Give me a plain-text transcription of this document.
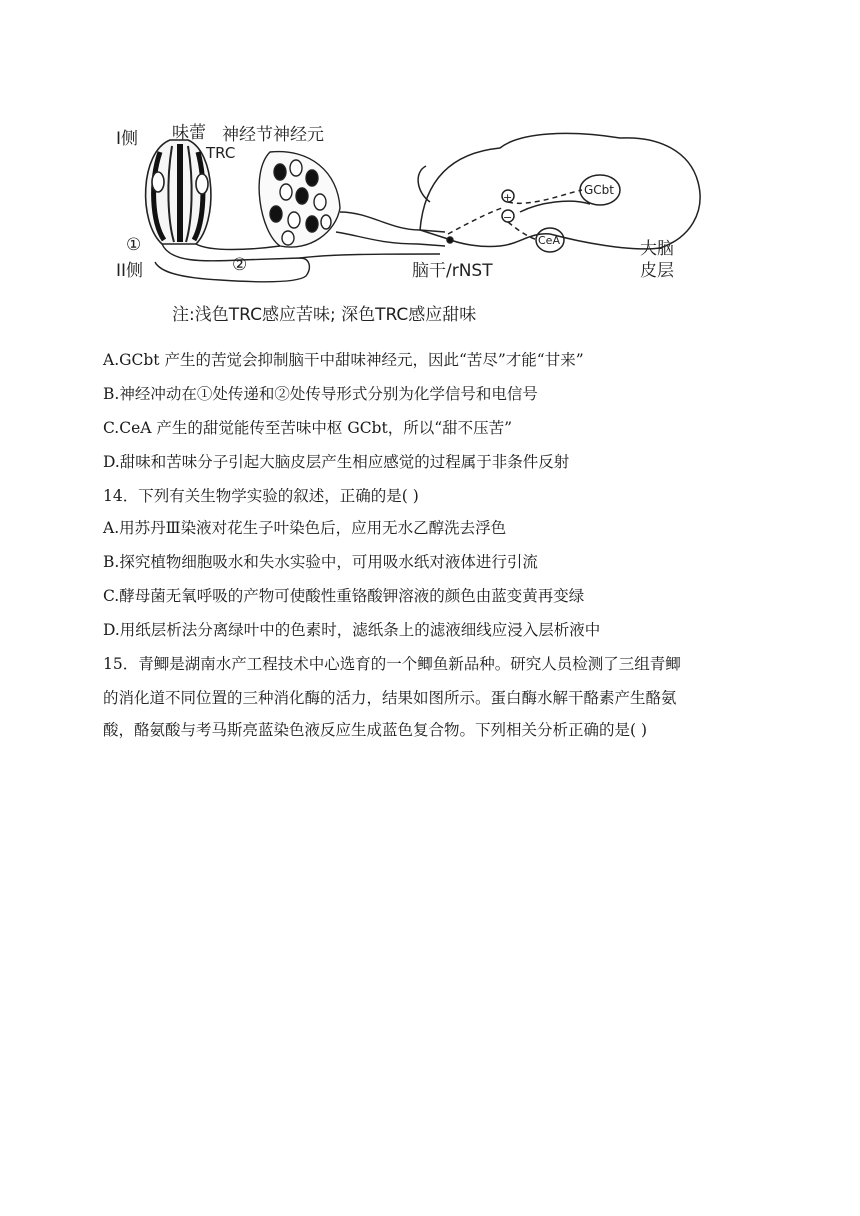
I侧 味蕾 神经节神经元
TRC
①
II侧	②
+
−
GCbt
CeA
脑干/rNST
大脑
皮层
注:浅色TRC感应苦味; 深色TRC感应甜味
A.GCbt 产生的苦觉会抑制脑干中甜味神经元，因此“苦尽”才能“甘来”
B.神经冲动在①处传递和②处传导形式分别为化学信号和电信号
C.CeA 产生的甜觉能传至苦味中枢 GCbt，所以“甜不压苦”
D.甜味和苦味分子引起大脑皮层产生相应感觉的过程属于非条件反射
14．下列有关生物学实验的叙述，正确的是( )
A.用苏丹Ⅲ染液对花生子叶染色后，应用无水乙醇洗去浮色
B.探究植物细胞吸水和失水实验中，可用吸水纸对液体进行引流
C.酵母菌无氧呼吸的产物可使酸性重铬酸钾溶液的颜色由蓝变黄再变绿
D.用纸层析法分离绿叶中的色素时，滤纸条上的滤液细线应浸入层析液中
15．青鲫是湖南水产工程技术中心选育的一个鲫鱼新品种。研究人员检测了三组青鲫
的消化道不同位置的三种消化酶的活力，结果如图所示。蛋白酶水解干酪素产生酪氨
酸，酪氨酸与考马斯亮蓝染色液反应生成蓝色复合物。下列相关分析正确的是( )
